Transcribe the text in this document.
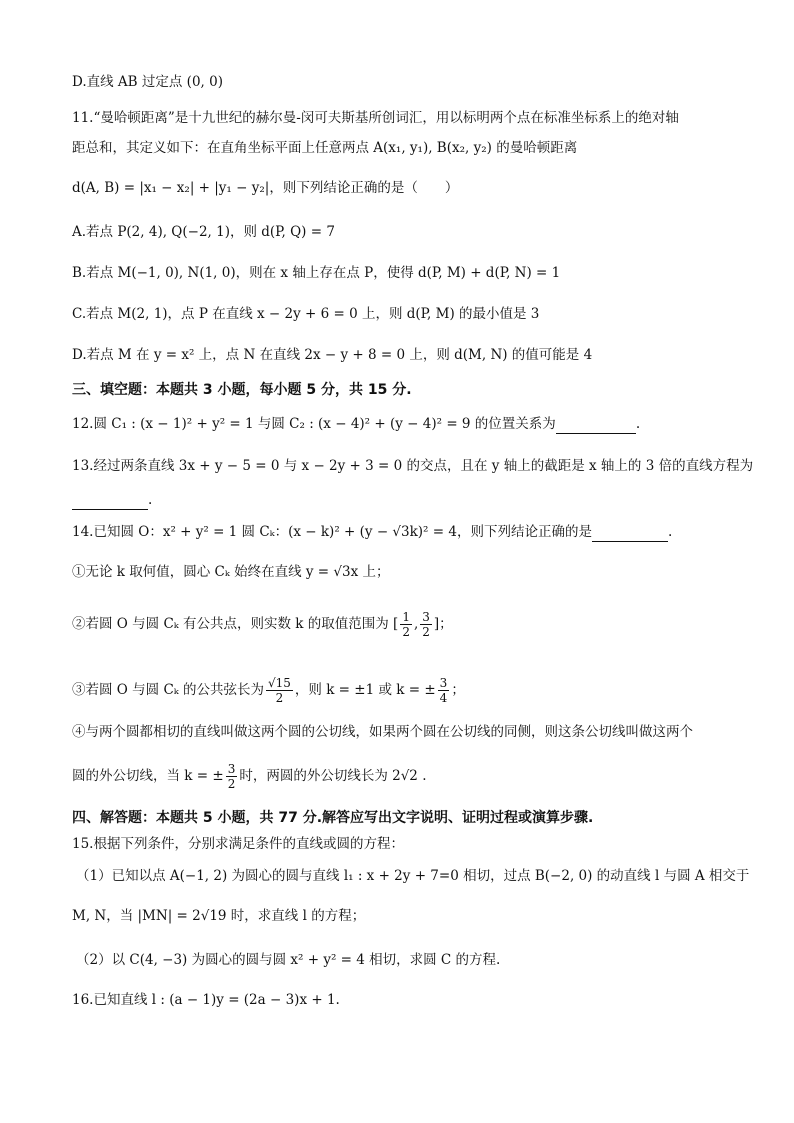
D.直线 AB 过定点 (0, 0)
11.“曼哈顿距离”是十九世纪的赫尔曼-闵可夫斯基所创词汇，用以标明两个点在标准坐标系上的绝对轴
距总和，其定义如下：在直角坐标平面上任意两点 A(x₁, y₁), B(x₂, y₂) 的曼哈顿距离
d(A, B) = |x₁ − x₂| + |y₁ − y₂|，则下列结论正确的是（　　）
A.若点 P(2, 4), Q(−2, 1)，则 d(P, Q) = 7
B.若点 M(−1, 0), N(1, 0)，则在 x 轴上存在点 P，使得 d(P, M) + d(P, N) = 1
C.若点 M(2, 1)，点 P 在直线 x − 2y + 6 = 0 上，则 d(P, M) 的最小值是 3
D.若点 M 在 y = x² 上，点 N 在直线 2x − y + 8 = 0 上，则 d(M, N) 的值可能是 4
三、填空题：本题共 3 小题，每小题 5 分，共 15 分.
12.圆 C₁ : (x − 1)² + y² = 1 与圆 C₂ : (x − 4)² + (y − 4)² = 9 的位置关系为	.
13.经过两条直线 3x + y − 5 = 0 与 x − 2y + 3 = 0 的交点，且在 y 轴上的截距是 x 轴上的 3 倍的直线方程为
.
14.已知圆 O：x² + y² = 1 圆 Cₖ：(x − k)² + (y − √3k)² = 4，则下列结论正确的是	.
①无论 k 取何值，圆心 Cₖ 始终在直线 y = √3x 上；
②若圆 O 与圆 Cₖ 有公共点，则实数 k 的取值范围为 [ $\frac{1}{2}$ , $\frac{3}{2}$ ]；
③若圆 O 与圆 Cₖ 的公共弦长为 $\frac{√15}{2}$ ，则 k = ±1 或 k = ± $\frac{3}{4}$ ；
④与两个圆都相切的直线叫做这两个圆的公切线，如果两个圆在公切线的同侧，则这条公切线叫做这两个
圆的外公切线，当 k = ± $\frac{3}{2}$ 时，两圆的外公切线长为 2√2 .
四、解答题：本题共 5 小题，共 77 分.解答应写出文字说明、证明过程或演算步骤.
15.根据下列条件，分别求满足条件的直线或圆的方程：
（1）已知以点 A(−1, 2) 为圆心的圆与直线 l₁ : x + 2y + 7=0 相切，过点 B(−2, 0) 的动直线 l 与圆 A 相交于
M, N，当 |MN| = 2√19 时，求直线 l 的方程；
（2）以 C(4, −3) 为圆心的圆与圆 x² + y² = 4 相切，求圆 C 的方程.
16.已知直线 l : (a − 1)y = (2a − 3)x + 1.
